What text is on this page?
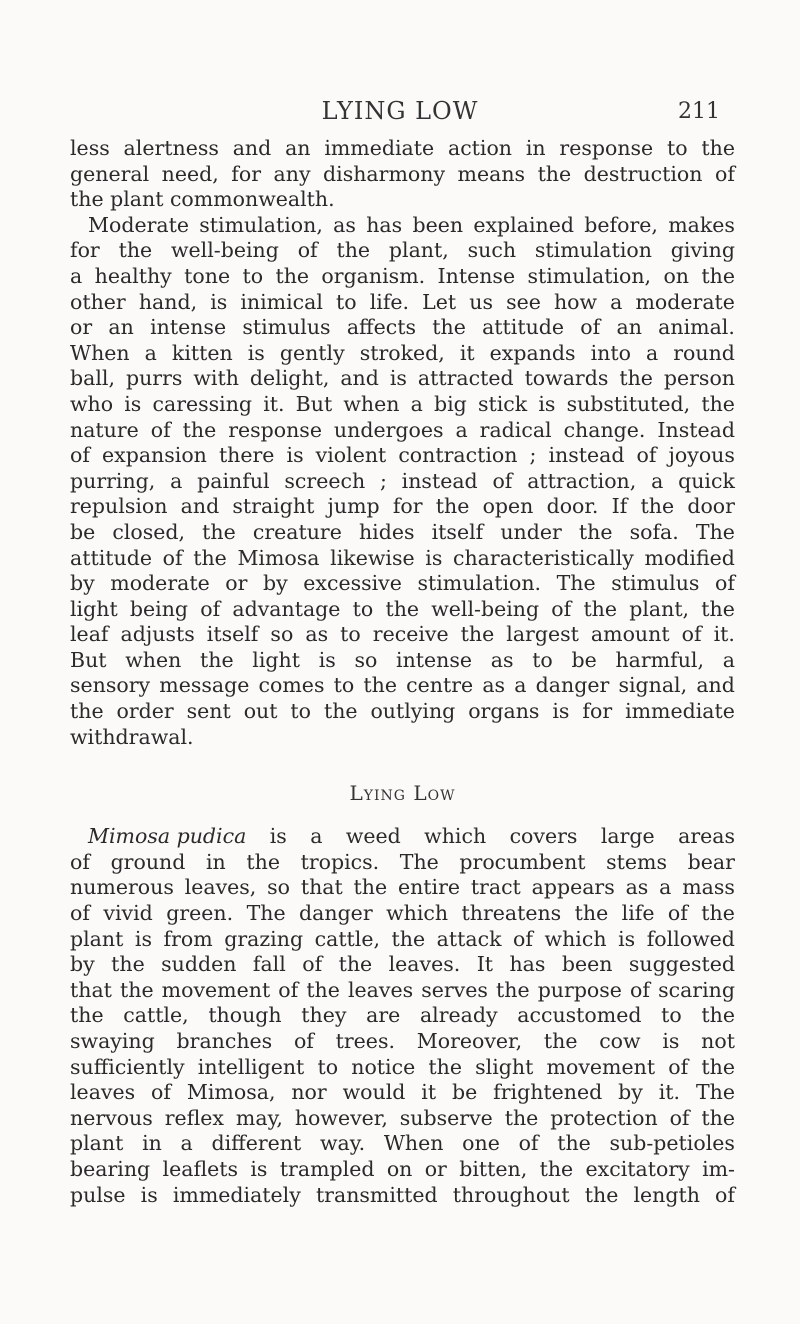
LYING LOW	211
less alertness and an immediate action in response to the
general need, for any disharmony means the destruction of
the plant commonwealth.
Moderate stimulation, as has been explained before, makes
for the well-being of the plant, such stimulation giving
a healthy tone to the organism. Intense stimulation, on the
other hand, is inimical to life. Let us see how a moderate
or an intense stimulus affects the attitude of an animal.
When a kitten is gently stroked, it expands into a round
ball, purrs with delight, and is attracted towards the person
who is caressing it. But when a big stick is substituted, the
nature of the response undergoes a radical change. Instead
of expansion there is violent contraction ; instead of joyous
purring, a painful screech ; instead of attraction, a quick
repulsion and straight jump for the open door. If the door
be closed, the creature hides itself under the sofa. The
attitude of the Mimosa likewise is characteristically modified
by moderate or by excessive stimulation. The stimulus of
light being of advantage to the well-being of the plant, the
leaf adjusts itself so as to receive the largest amount of it.
But when the light is so intense as to be harmful, a
sensory message comes to the centre as a danger signal, and
the order sent out to the outlying organs is for immediate
withdrawal.
Lying Low
Mimosa pudica is a weed which covers large areas
of ground in the tropics. The procumbent stems bear
numerous leaves, so that the entire tract appears as a mass
of vivid green. The danger which threatens the life of the
plant is from grazing cattle, the attack of which is followed
by the sudden fall of the leaves. It has been suggested
that the movement of the leaves serves the purpose of scaring
the cattle, though they are already accustomed to the
swaying branches of trees. Moreover, the cow is not
sufficiently intelligent to notice the slight movement of the
leaves of Mimosa, nor would it be frightened by it. The
nervous reflex may, however, subserve the protection of the
plant in a different way. When one of the sub-petioles
bearing leaflets is trampled on or bitten, the excitatory im-
pulse is immediately transmitted throughout the length of
